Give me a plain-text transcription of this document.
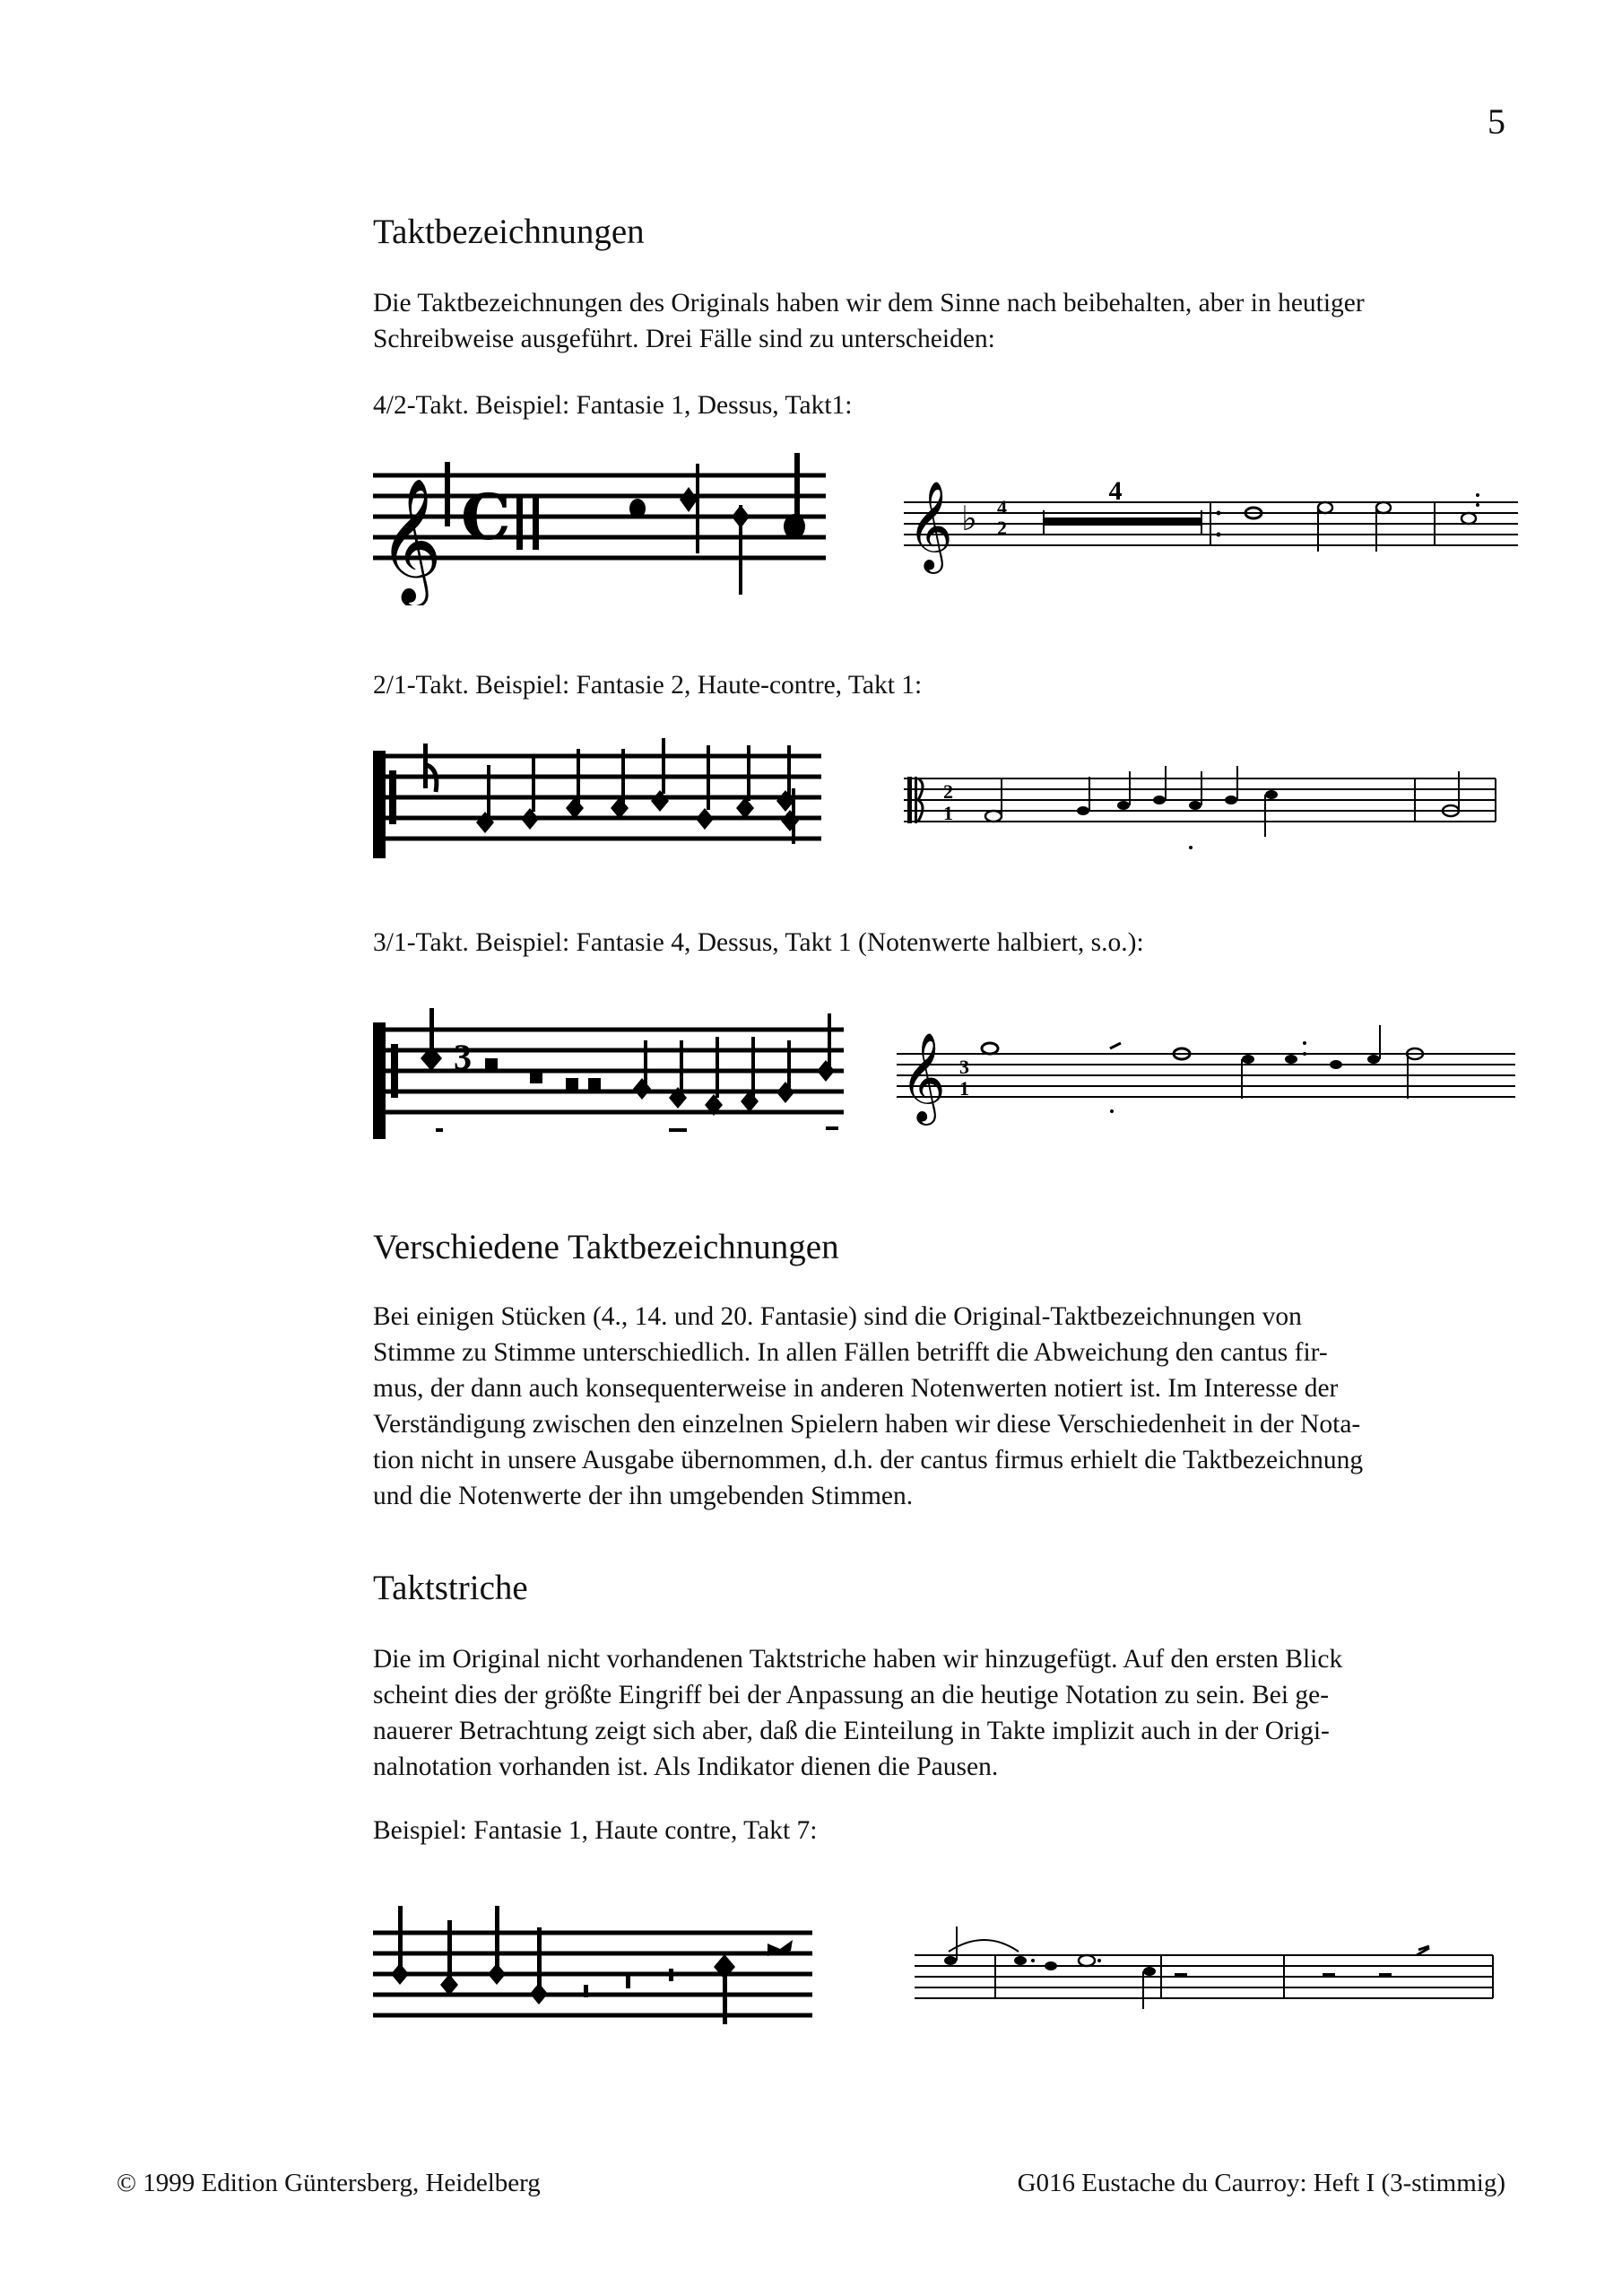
5
Taktbezeichnungen

Die Taktbezeichnungen des Originals haben wir dem Sinne nach beibehalten, aber in heutiger
Schreibweise ausgeführt. Drei Fälle sind zu unterscheiden:

4/2-Takt. Beispiel: Fantasie 1, Dessus, Takt1:
𝄞 C	𝄞 ♭ 4
2
4
2/1-Takt. Beispiel: Fantasie 2, Haute-contre, Takt 1:
2
1
3/1-Takt. Beispiel: Fantasie 4, Dessus, Takt 1 (Notenwerte halbiert, s.o.):
3	𝄞 3
1
Verschiedene Taktbezeichnungen

Bei einigen Stücken (4., 14. und 20. Fantasie) sind die Original-Taktbezeichnungen von
Stimme zu Stimme unterschiedlich. In allen Fällen betrifft die Abweichung den cantus fir-
mus, der dann auch konsequenterweise in anderen Notenwerten notiert ist. Im Interesse der
Verständigung zwischen den einzelnen Spielern haben wir diese Verschiedenheit in der Nota-
tion nicht in unsere Ausgabe übernommen, d.h. der cantus firmus erhielt die Taktbezeichnung
und die Notenwerte der ihn umgebenden Stimmen.

Taktstriche

Die im Original nicht vorhandenen Taktstriche haben wir hinzugefügt. Auf den ersten Blick
scheint dies der größte Eingriff bei der Anpassung an die heutige Notation zu sein. Bei ge-
nauerer Betrachtung zeigt sich aber, daß die Einteilung in Takte implizit auch in der Origi-
nalnotation vorhanden ist. Als Indikator dienen die Pausen.

Beispiel: Fantasie 1, Haute contre, Takt 7:
© 1999 Edition Güntersberg, Heidelberg	G016 Eustache du Caurroy: Heft I (3-stimmig)
